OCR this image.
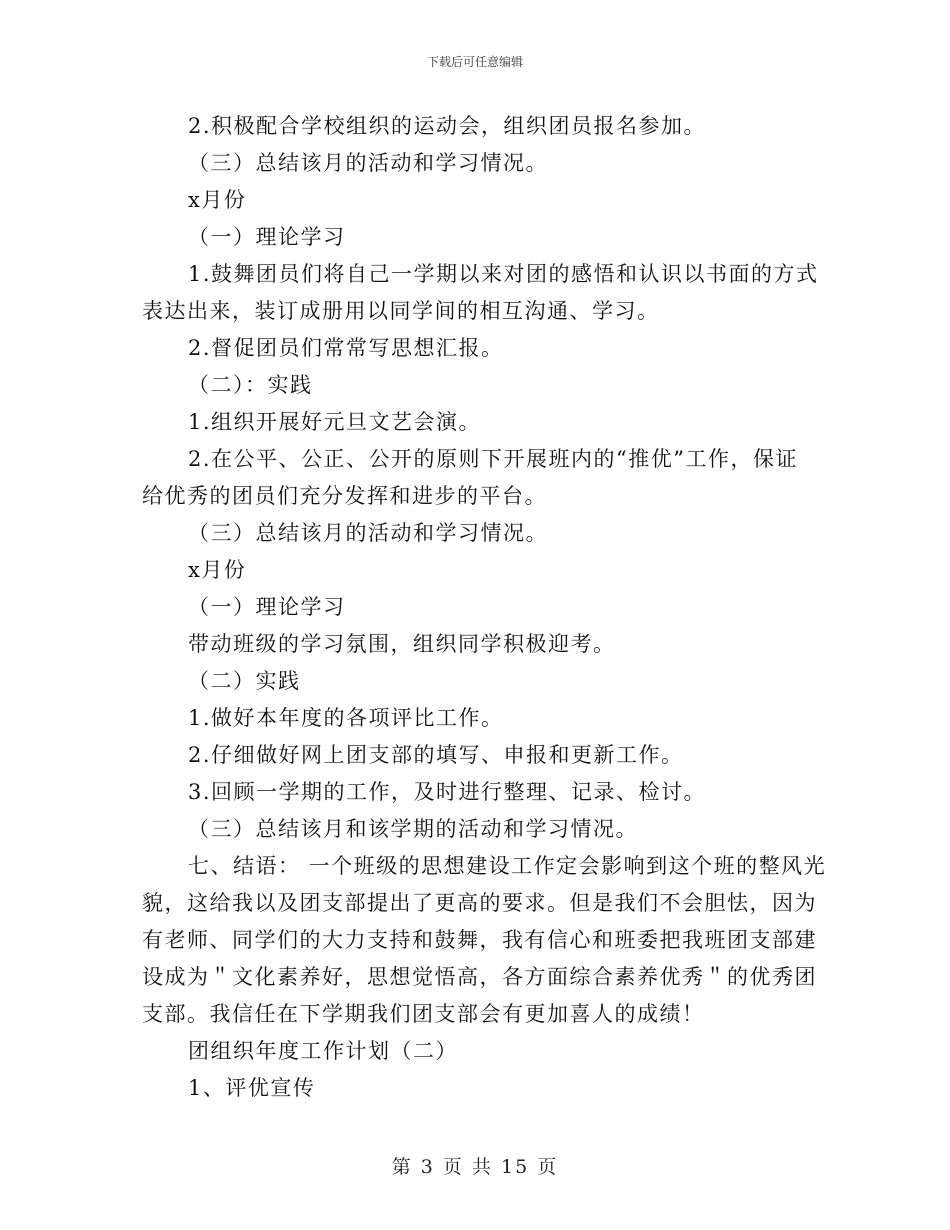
下载后可任意编辑
2.积极配合学校组织的运动会，组织团员报名参加。
（三）总结该月的活动和学习情况。
x月份
（一）理论学习
1.鼓舞团员们将自己一学期以来对团的感悟和认识以书面的方式
表达出来，装订成册用以同学间的相互沟通、学习。
2.督促团员们常常写思想汇报。
（二）：实践
1.组织开展好元旦文艺会演。
2.在公平、公正、公开的原则下开展班内的“推优”工作，保证
给优秀的团员们充分发挥和进步的平台。
（三）总结该月的活动和学习情况。
x月份
（一）理论学习
带动班级的学习氛围，组织同学积极迎考。
（二）实践
1.做好本年度的各项评比工作。
2.仔细做好网上团支部的填写、申报和更新工作。
3.回顾一学期的工作，及时进行整理、记录、检讨。
（三）总结该月和该学期的活动和学习情况。
七、结语： 一个班级的思想建设工作定会影响到这个班的整风光
貌，这给我以及团支部提出了更高的要求。但是我们不会胆怯，因为
有老师、同学们的大力支持和鼓舞，我有信心和班委把我班团支部建
设成为＂文化素养好，思想觉悟高，各方面综合素养优秀＂的优秀团
支部。我信任在下学期我们团支部会有更加喜人的成绩！
团组织年度工作计划（二）
1、评优宣传
第 3 页 共 15 页
